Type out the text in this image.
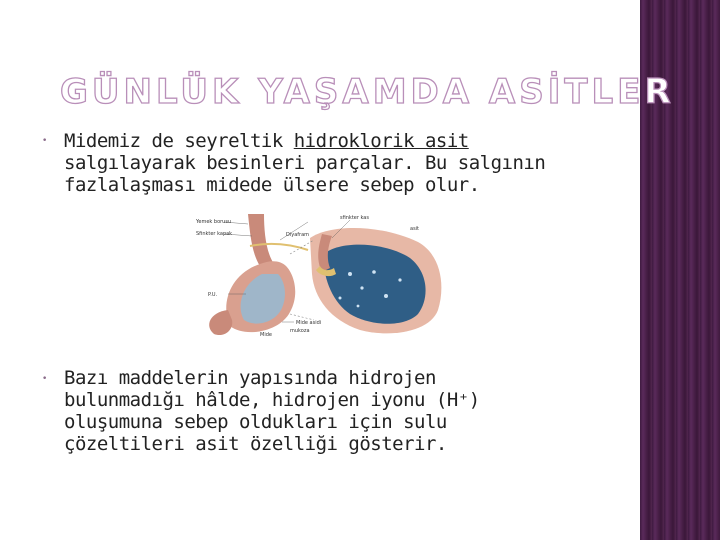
GÜNLÜK YAŞAMDA ASİTLER
• Midemiz de seyreltik hidroklorik asit
salgılayarak besinleri parçalar. Bu salgının
fazlalaşması midede ülsere sebep olur.
Yemek borusu
Sfinkter kapak	Diyafram
sfinkter kas
asit
P.U.
Mide
Mide asidi
mukoza
• Bazı maddelerin yapısında hidrojen
bulunmadığı hâlde, hidrojen iyonu (H⁺)
oluşumuna sebep oldukları için sulu
çözeltileri asit özelliği gösterir.
